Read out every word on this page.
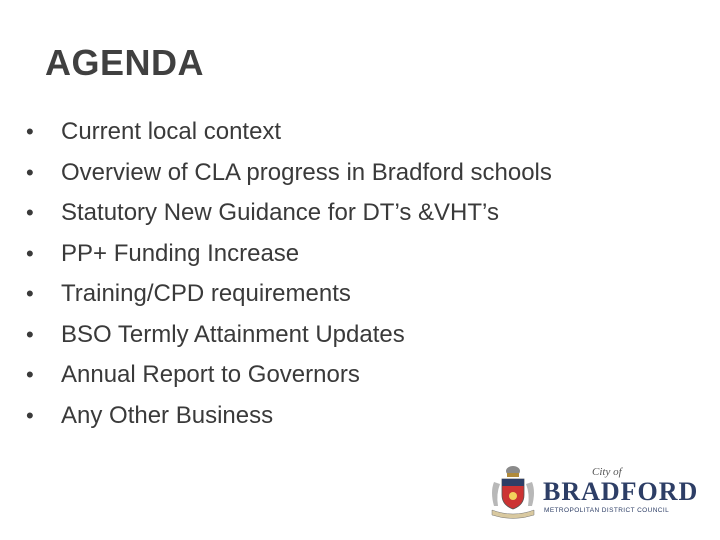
AGENDA
•	Current local context
•	Overview of CLA progress in Bradford schools
•	Statutory New Guidance for DT’s &VHT’s
•	PP+ Funding Increase
•	Training/CPD requirements
•	BSO Termly Attainment Updates
•	Annual Report to Governors
•	Any Other Business
City of
BRADFORD
METROPOLITAN DISTRICT COUNCIL
